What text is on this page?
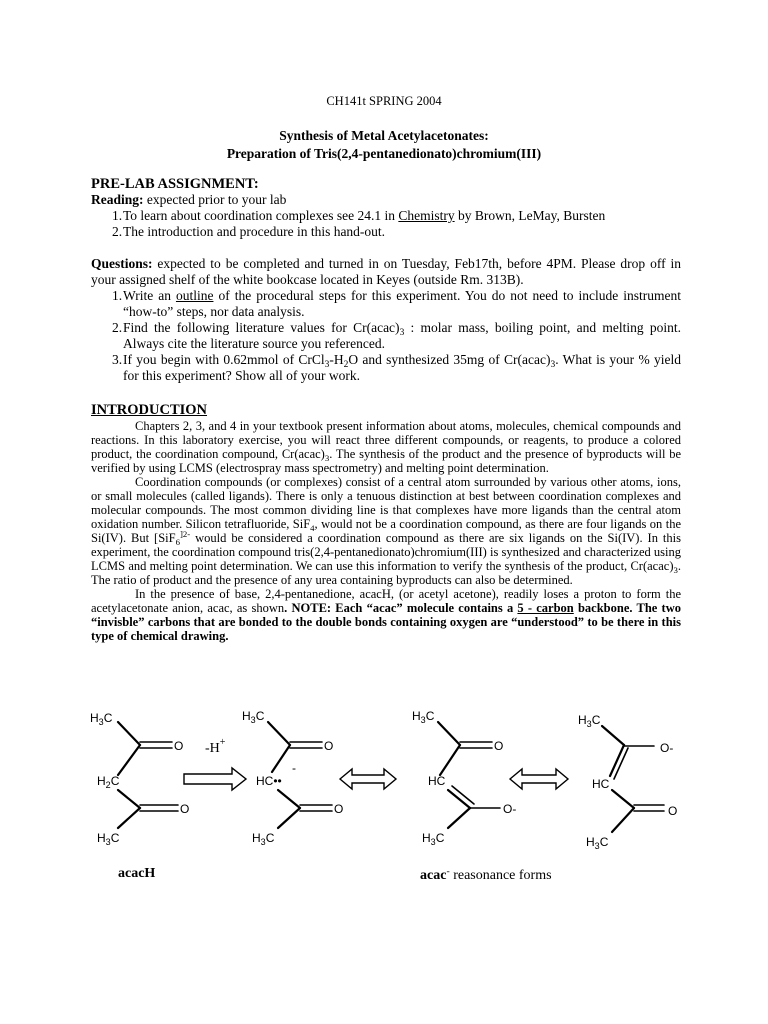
CH141t SPRING 2004
Synthesis of Metal Acetylacetonates:
Preparation of Tris(2,4-pentanedionato)chromium(III)
PRE-LAB ASSIGNMENT:
Reading: expected prior to your lab
1. To learn about coordination complexes see 24.1 in Chemistry by Brown, LeMay, Bursten
2. The introduction and procedure in this hand-out.
Questions: expected to be completed and turned in on Tuesday, Feb17th, before 4PM. Please drop off in your assigned shelf of the white bookcase located in Keyes (outside Rm. 313B).
1. Write an outline of the procedural steps for this experiment. You do not need to include instrument “how-to” steps, nor data analysis.
2. Find the following literature values for $Cr(acac)_3$ : molar mass, boiling point, and melting point. Always cite the literature source you referenced.
3. If you begin with 0.62mmol of $CrCl_3-H_2O$ and synthesized 35mg of $Cr(acac)_3$. What is your % yield for this experiment? Show all of your work.
INTRODUCTION

Chapters 2, 3, and 4 in your textbook present information about atoms, molecules, chemical compounds and reactions. In this laboratory exercise, you will react three different compounds, or reagents, to produce a colored product, the coordination compound, $Cr(acac)_3$. The synthesis of the product and the presence of byproducts will be verified by using LCMS (electrospray mass spectrometry) and melting point determination.

Coordination compounds (or complexes) consist of a central atom surrounded by various other atoms, ions, or small molecules (called ligands). There is only a tenuous distinction at best between coordination complexes and molecular compounds. The most common dividing line is that complexes have more ligands than the central atom oxidation number. Silicon tetrafluoride, SiF$_4$, would not be a coordination compound, as there are four ligands on the Si(IV). But [SiF$_6^{]2-}$ would be considered a coordination compound as there are six ligands on the Si(IV). In this experiment, the coordination compound tris(2,4-pentanedionato)chromium(III) is synthesized and characterized using LCMS and melting point determination. We can use this information to verify the synthesis of the product, $Cr(acac)_3$. The ratio of product and the presence of any urea containing byproducts can also be determined.

In the presence of base, 2,4-pentanedione, acacH, (or acetyl acetone), readily loses a proton to form the acetylacetonate anion, acac, as shown. NOTE: Each “acac” molecule contains a 5 - carbon backbone. The two “invisble” carbons that are bonded to the double bonds containing oxygen are “understood” to be there in this type of chemical drawing.

$H_3C$
O
$H_2C$
O
$H_3C$
-H+
$H_3C$
O
-
HC••
O
$H_3C$
$H_3C$
O
HC
O-
$H_3C$
$H_3C$
O-
HC
O
$H_3C$
acacH	acac- reasonance forms
